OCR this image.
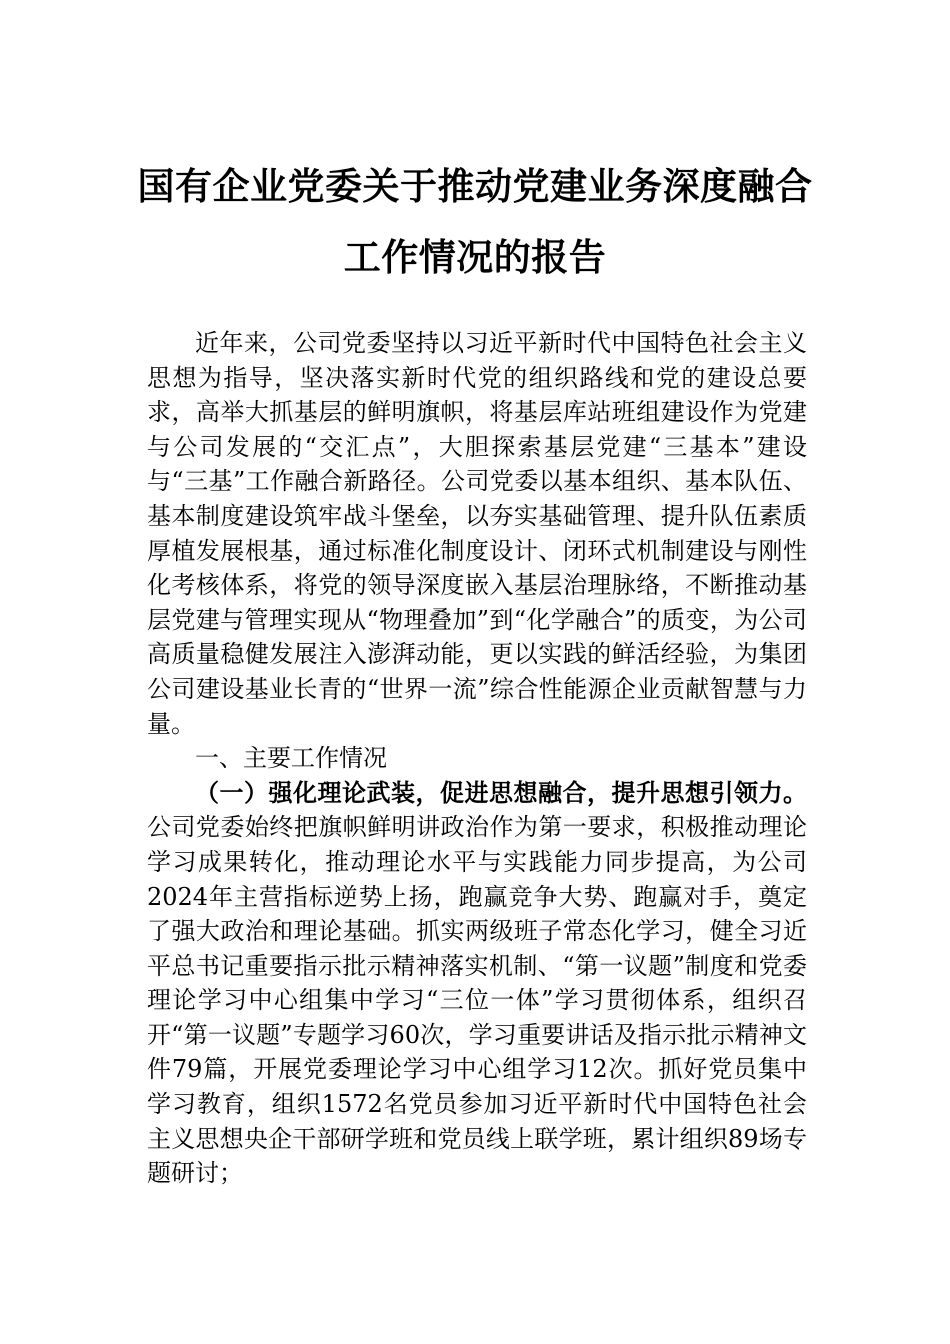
国有企业党委关于推动党建业务深度融合
工作情况的报告

近年来，公司党委坚持以习近平新时代中国特色社会主义思想为指导，坚决落实新时代党的组织路线和党的建设总要求，高举大抓基层的鲜明旗帜，将基层库站班组建设作为党建与公司发展的“交汇点”，大胆探索基层党建“三基本”建设与“三基”工作融合新路径。公司党委以基本组织、基本队伍、基本制度建设筑牢战斗堡垒，以夯实基础管理、提升队伍素质厚植发展根基，通过标准化制度设计、闭环式机制建设与刚性化考核体系，将党的领导深度嵌入基层治理脉络，不断推动基层党建与管理实现从“物理叠加”到“化学融合”的质变，为公司高质量稳健发展注入澎湃动能，更以实践的鲜活经验，为集团公司建设基业长青的“世界一流”综合性能源企业贡献智慧与力量。

一、主要工作情况

（一）强化理论武装，促进思想融合，提升思想引领力。公司党委始终把旗帜鲜明讲政治作为第一要求，积极推动理论学习成果转化，推动理论水平与实践能力同步提高，为公司2024年主营指标逆势上扬，跑赢竞争大势、跑赢对手，奠定了强大政治和理论基础。抓实两级班子常态化学习，健全习近平总书记重要指示批示精神落实机制、“第一议题”制度和党委理论学习中心组集中学习“三位一体”学习贯彻体系，组织召开“第一议题”专题学习60次，学习重要讲话及指示批示精神文件79篇，开展党委理论学习中心组学习12次。抓好党员集中学习教育，组织1572名党员参加习近平新时代中国特色社会主义思想央企干部研学班和党员线上联学班，累计组织89场专题研讨；
